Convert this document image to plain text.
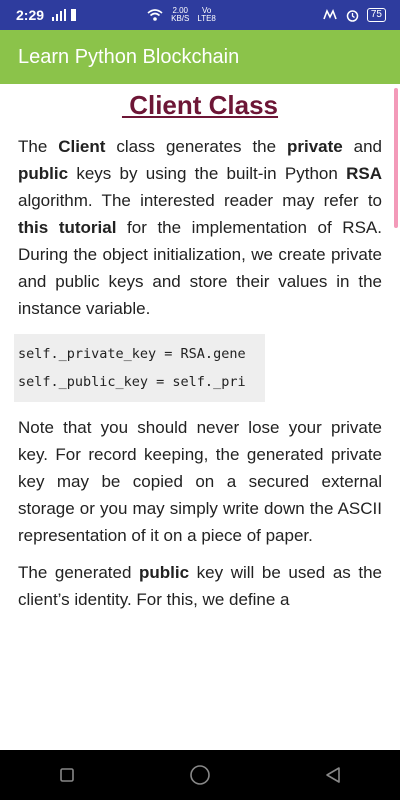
2:29	2.00
KB/S
Vo
LTE8	75
Learn Python Blockchain
Client Class

The Client class generates the private and public keys by using the built-in Python RSA algorithm. The interested reader may refer to this tutorial for the implementation of RSA. During the object initialization, we create private and public keys and store their values in the instance variable.

self._private_key = RSA.gene
self._public_key = self._pri

Note that you should never lose your private key. For record keeping, the generated private key may be copied on a secured external storage or you may simply write down the ASCII representation of it on a piece of paper.

The generated public key will be used as the client’s identity. For this, we define a
